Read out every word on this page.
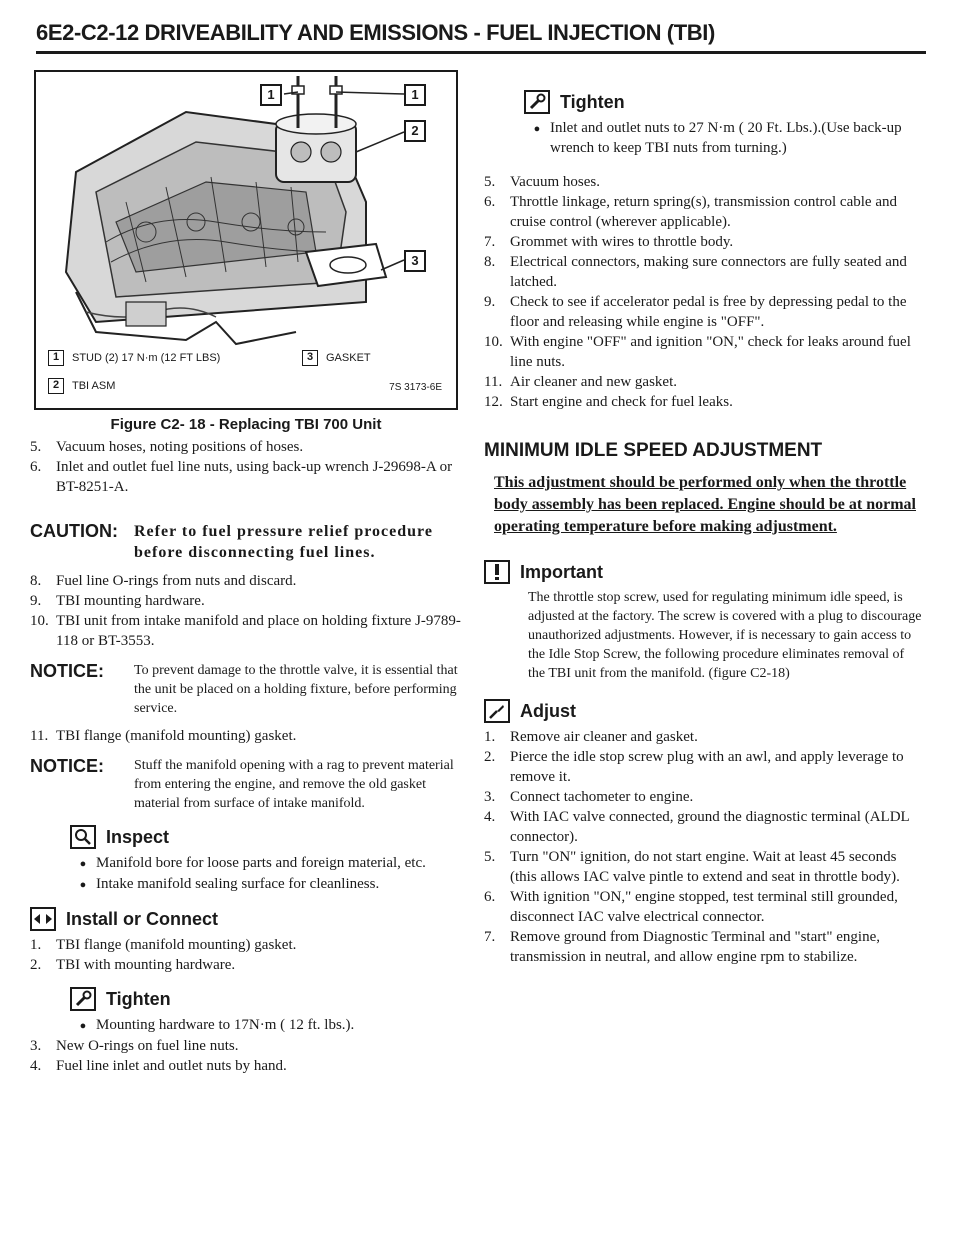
6E2-C2-12 DRIVEABILITY AND EMISSIONS - FUEL INJECTION (TBI)
1	1
2
3
1	STUD (2) 17 N·m (12 FT LBS)
2	TBI ASM
3	GASKET
7S 3173-6E
Figure C2- 18 - Replacing TBI 700 Unit
5. Vacuum hoses, noting positions of hoses.
6. Inlet and outlet fuel line nuts, using back-up wrench J-29698-A or BT-8251-A.
CAUTION:	Refer to fuel pressure relief procedure before disconnecting fuel lines.
8. Fuel line O-rings from nuts and discard.
9. TBI mounting hardware.
10. TBI unit from intake manifold and place on holding fixture J-9789-118 or BT-3553.
NOTICE:	To prevent damage to the throttle valve, it is essential that the unit be placed on a holding fixture, before performing service.
11. TBI flange (manifold mounting) gasket.
NOTICE:	Stuff the manifold opening with a rag to prevent material from entering the engine, and remove the old gasket material from surface of intake manifold.
Inspect
● Manifold bore for loose parts and foreign material, etc.
● Intake manifold sealing surface for cleanliness.
Install or Connect
1. TBI flange (manifold mounting) gasket.
2. TBI with mounting hardware.
Tighten
● Mounting hardware to 17N·m ( 12 ft. lbs.).
3. New O-rings on fuel line nuts.
4. Fuel line inlet and outlet nuts by hand.
Tighten
● Inlet and outlet nuts to 27 N·m ( 20 Ft. Lbs.).(Use back-up wrench to keep TBI nuts from turning.)
5. Vacuum hoses.
6. Throttle linkage, return spring(s), transmission control cable and cruise control (wherever applicable).
7. Grommet with wires to throttle body.
8. Electrical connectors, making sure connectors are fully seated and latched.
9. Check to see if accelerator pedal is free by depressing pedal to the floor and releasing while engine is "OFF".
10. With engine "OFF" and ignition "ON," check for leaks around fuel line nuts.
11. Air cleaner and new gasket.
12. Start engine and check for fuel leaks.
MINIMUM IDLE SPEED ADJUSTMENT
This adjustment should be performed only when the throttle body assembly has been replaced. Engine should be at normal operating temperature before making adjustment.
Important
The throttle stop screw, used for regulating minimum idle speed, is adjusted at the factory. The screw is covered with a plug to discourage unauthorized adjustments. However, if is necessary to gain access to the Idle Stop Screw, the following procedure eliminates removal of the TBI unit from the manifold. (figure C2-18)
Adjust
1. Remove air cleaner and gasket.
2. Pierce the idle stop screw plug with an awl, and apply leverage to remove it.
3. Connect tachometer to engine.
4. With IAC valve connected, ground the diagnostic terminal (ALDL connector).
5. Turn "ON" ignition, do not start engine. Wait at least 45 seconds (this allows IAC valve pintle to extend and seat in throttle body).
6. With ignition "ON," engine stopped, test terminal still grounded, disconnect IAC valve electrical connector.
7. Remove ground from Diagnostic Terminal and "start" engine, transmission in neutral, and allow engine rpm to stabilize.
